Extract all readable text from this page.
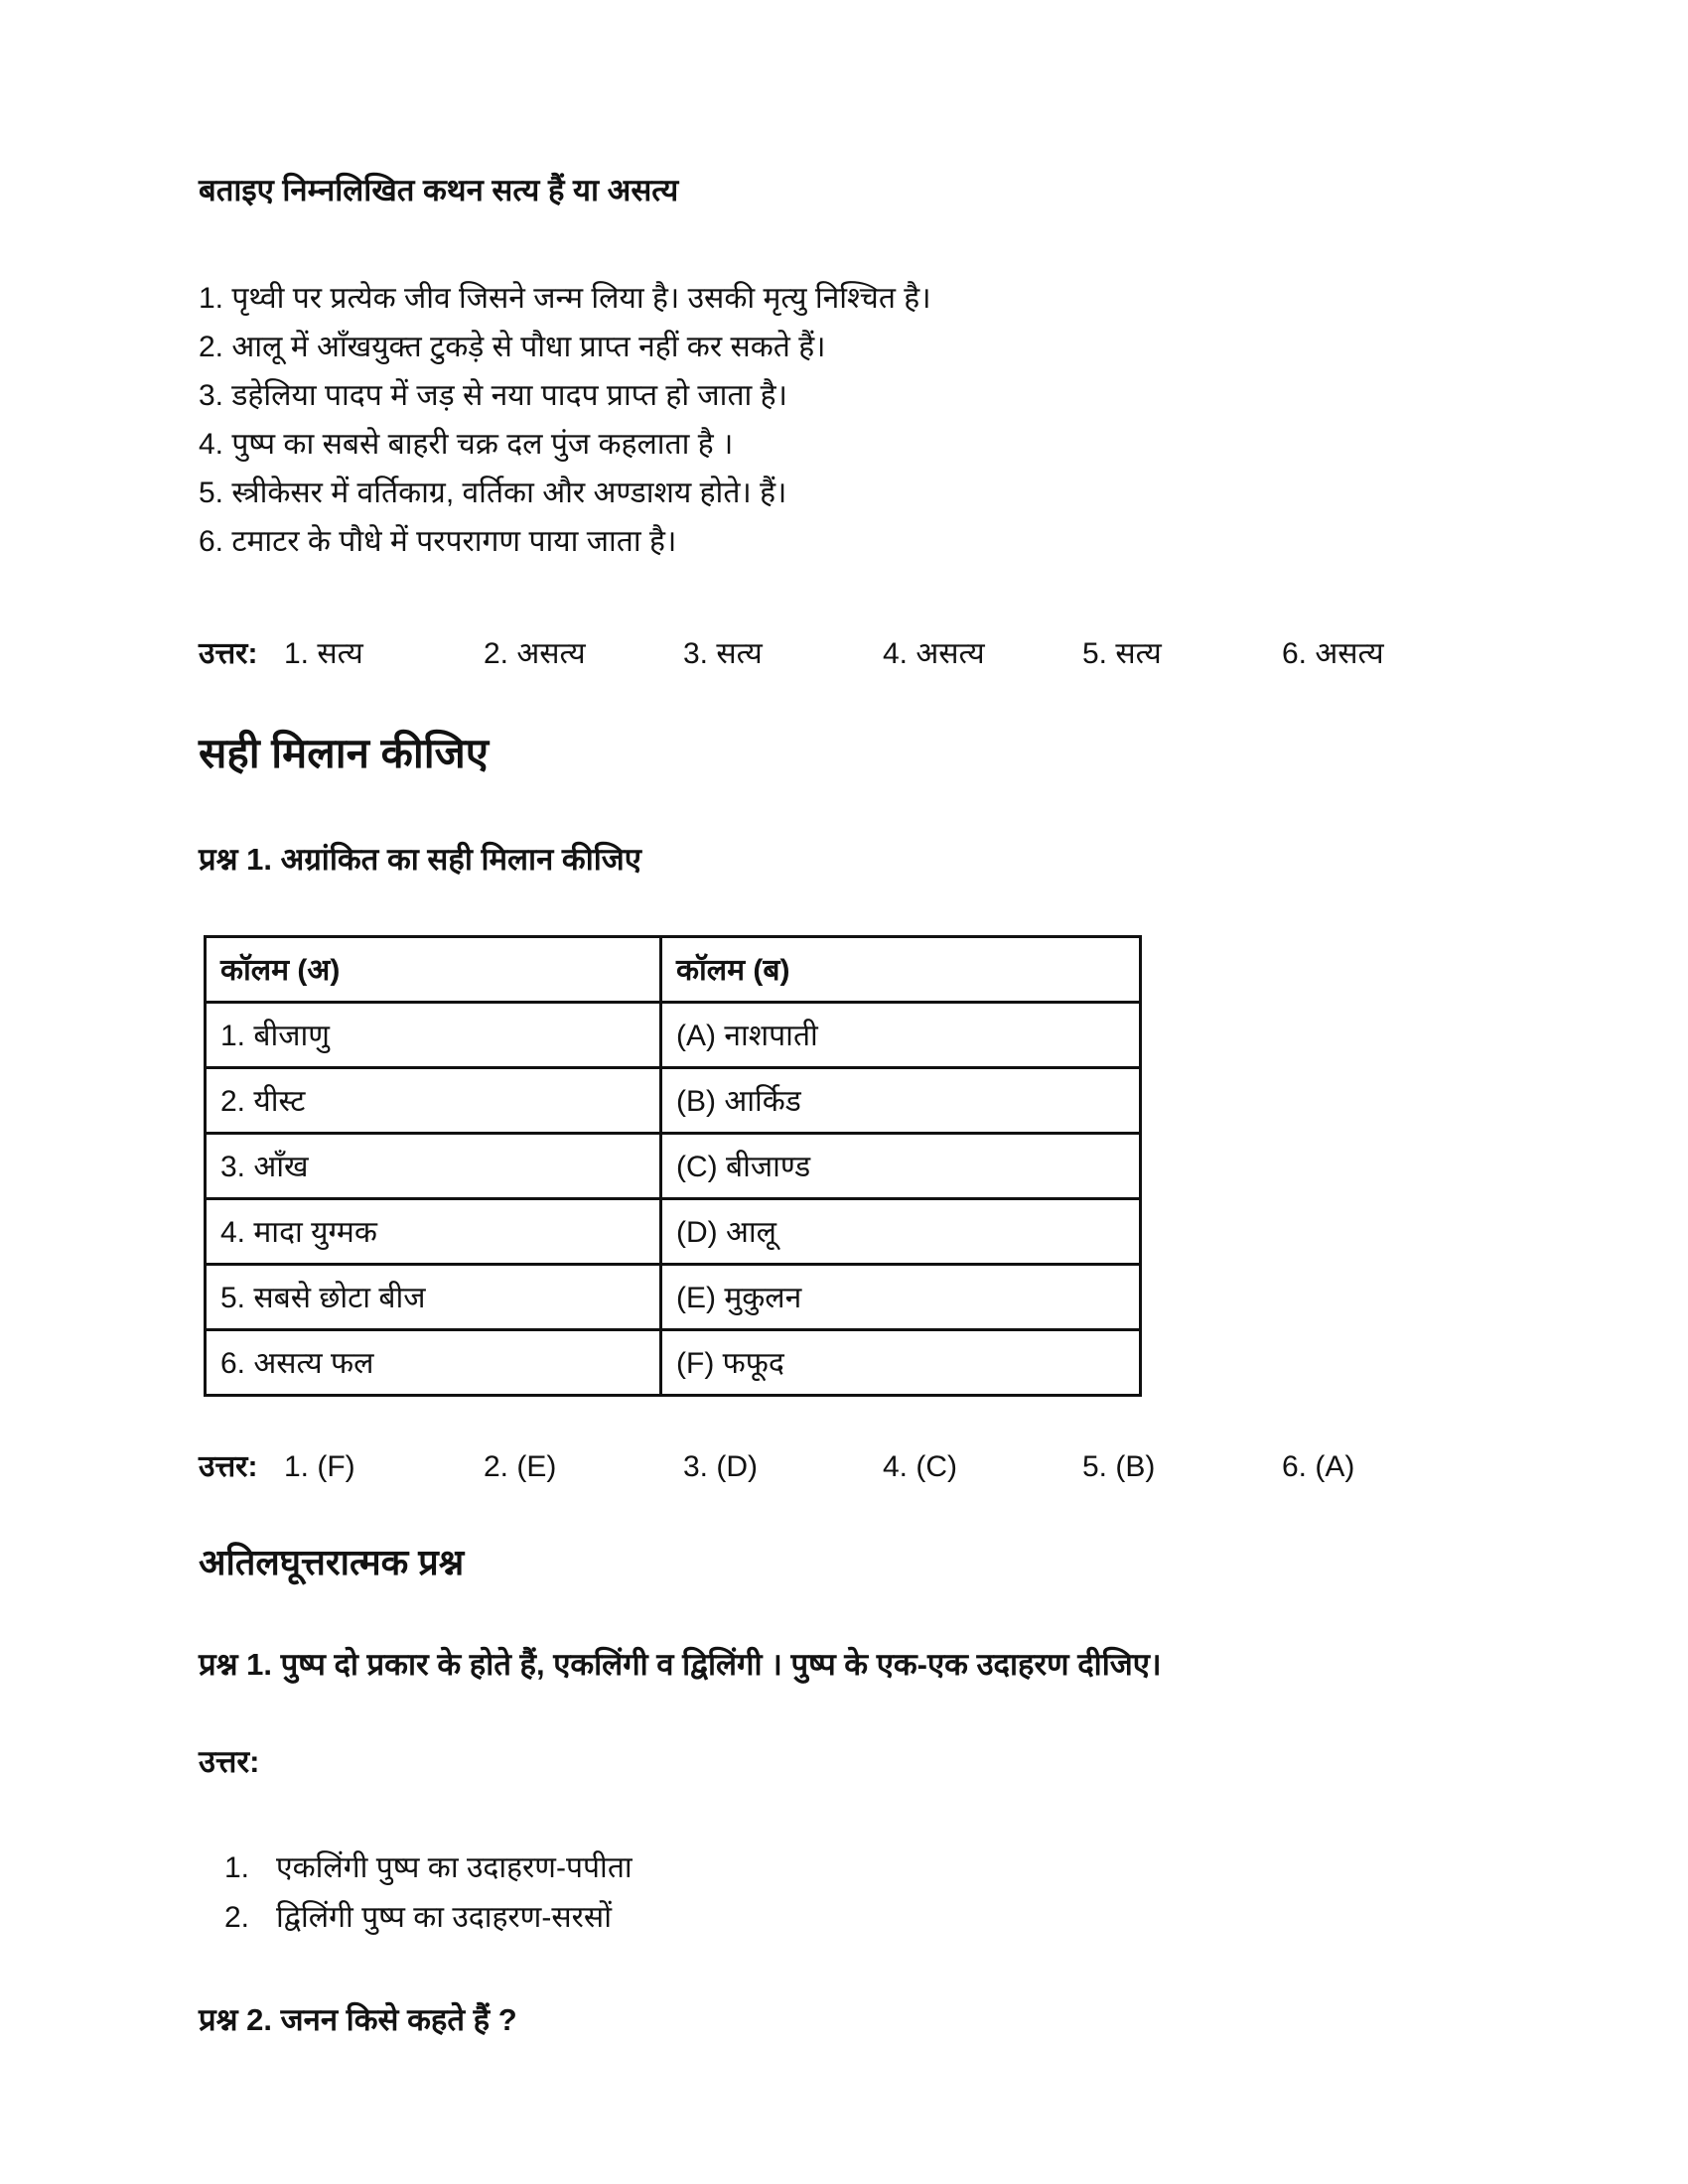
बताइए निम्नलिखित कथन सत्य हैं या असत्य
1. पृथ्वी पर प्रत्येक जीव जिसने जन्म लिया है। उसकी मृत्यु निश्चित है।
2. आलू में आँखयुक्त टुकड़े से पौधा प्राप्त नहीं कर सकते हैं।
3. डहेलिया पादप में जड़ से नया पादप प्राप्त हो जाता है।
4. पुष्प का सबसे बाहरी चक्र दल पुंज कहलाता है ।
5. स्त्रीकेसर में वर्तिकाग्र, वर्तिका और अण्डाशय होते। हैं।
6. टमाटर के पौधे में परपरागण पाया जाता है।
उत्तर: 1. सत्य	2. असत्य	3. सत्य	4. असत्य	5. सत्य	6. असत्य
सही मिलान कीजिए
प्रश्न 1. अग्रांकित का सही मिलान कीजिए
कॉलम (अ)	कॉलम (ब)
1. बीजाणु	(A) नाशपाती
2. यीस्ट	(B) आर्किड
3. आँख	(C) बीजाण्ड
4. मादा युग्मक	(D) आलू
5. सबसे छोटा बीज	(E) मुकुलन
6. असत्य फल	(F) फफूद
उत्तर: 1. (F)	2. (E)	3. (D)	4. (C)	5. (B)	6. (A)
अतिलघूत्तरात्मक प्रश्न
प्रश्न 1. पुष्प दो प्रकार के होते हैं, एकलिंगी व द्विलिंगी । पुष्प के एक-एक उदाहरण दीजिए।
उत्तर:
1. एकलिंगी पुष्प का उदाहरण-पपीता
2. द्विलिंगी पुष्प का उदाहरण-सरसों
प्रश्न 2. जनन किसे कहते हैं ?
